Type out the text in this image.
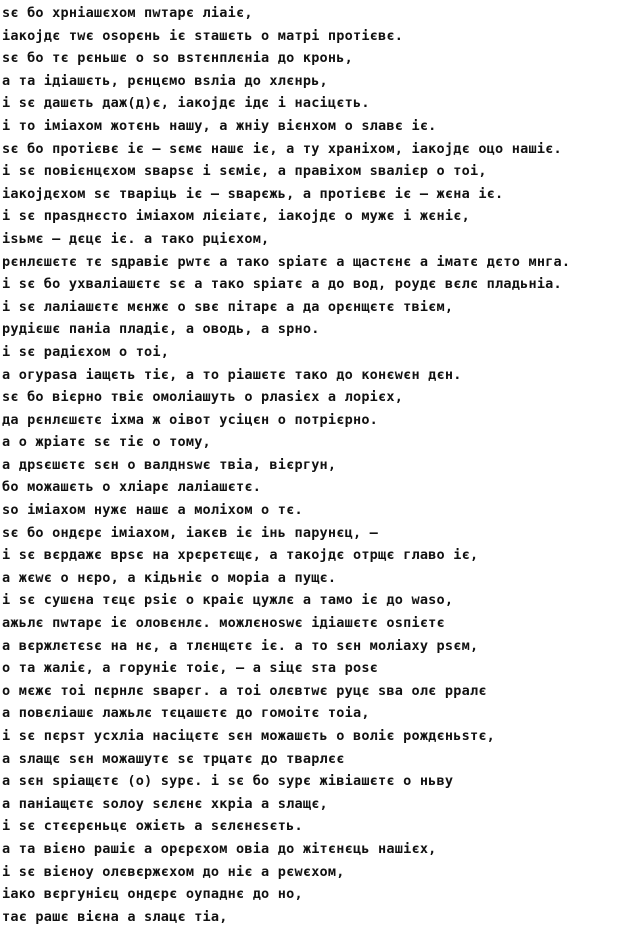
ѕє бо хрнiашєхом пwтарє лiаiє,
iакоjдє тwє оѕорєнь iє ѕташєть о матрi протiєвє.
ѕє бо тє рєньшє о ѕо вѕтєнплєнiа до кронь,
а та iдiашєть, рєнцємо вѕлiа до хлєнрь,
i ѕє дашєть даж(д)є, iакоjдє iдє i насiцєть.
i то iмiахом жотєнь нашу, а жнiу вiєнхом о ѕлавє iє.
ѕє бо протiєвє iє – ѕємє нашє iє, а ту хранiхом, iакоjдє оцо нашiє.
i ѕє повiєнцєхом ѕварѕє i ѕємiє, а правiхом ѕвалiєр о тоi,
iакоjдєхом ѕє тварiць iє – ѕварєжь, а протiєвє iє – жєна iє.
i ѕє праѕднєсто iмiахом лiєiатє, iакоjдє о мужє i жєнiє,
iѕьмє – дєцє iє. а тако рцiєхом,
рєнлєшєтє тє ѕдравiє рwтє а тако ѕрiатє а щастєнє а iматє дєто мнга.
i ѕє бо ухвалiашєтє ѕє а тако ѕрiатє а до вод, роудє вєлє пладьнiа.
i ѕє лалiашєтє мєнжє о ѕвє пiтарє а да орєнщєтє твiєм,
рудiєшє панiа пладiє, а оводь, а ѕрно.
i ѕє радiєхом о тоi,
а огураѕа iащєть тiє, а то рiашєтє тако до конєwєн дєн.
ѕє бо вiєрно твiє омолiашуть о рлаѕiєх а лорiєх,
да рєнлєшєтє iхма ж оiвот усiцєн о потрiєрно.
а о жрiатє ѕє тiє о тому,
а дрѕєшєтє ѕєн о валднѕwє твiа, вiєргун,
бо можашєть о хлiарє лалiашєтє.
ѕо iмiахом нужє нашє а молiхом о тє.
ѕє бо ондєрє iмiахом, iакєв iє iнь парунєц, –
i ѕє вєрдажє врѕє на хрєрєтєщє, а такоjдє отрщє главо iє,
а жєwє о нєро, а кiдьнiє о морiа а пущє.
i ѕє сушєна тєцє рѕiє о краiє цужлє а тамо iє до wаѕо,
ажьлє пwтарє iє оловєнлє. можлєноѕwє iдiашєтє оѕпiєтє
а вєржлєтєѕє на нє, а тлєнщєтє iє. а то ѕєн молiаху рѕєм,
о та жалiє, а горунiє тоiє, – а ѕiцє ѕта роѕє
о мєжє тоi пєрнлє ѕварєг. а тоi олєвтwє руцє ѕва олє рралє
а повєлiашє лажьлє тєцашєтє до гомоiтє тоiа,
i ѕє пєрѕт усхлiа насiцєтє ѕєн можашєть о волiє рождєньѕтє,
а ѕлащє ѕєн можашутє ѕє трцатє до тварлєє
а ѕєн ѕрiащєтє (о) ѕурє. i ѕє бо ѕурє жiвiашєтє о ньву
а панiащєтє ѕолоу ѕєлєнє хкрiа а ѕлащє,
i ѕє стєєрєньцє ожiєть а ѕєлєнєѕєть.
а та вiєно рашiє а орєрєхом овiа до жiтєнєць нашiєх,
i ѕє вiєноу олєвєржєхом до нiє а рєwєхом,
iако вєргунiєц ондєрє оупаднє до но,
тає рашє вiєна а ѕлацє тiа,
